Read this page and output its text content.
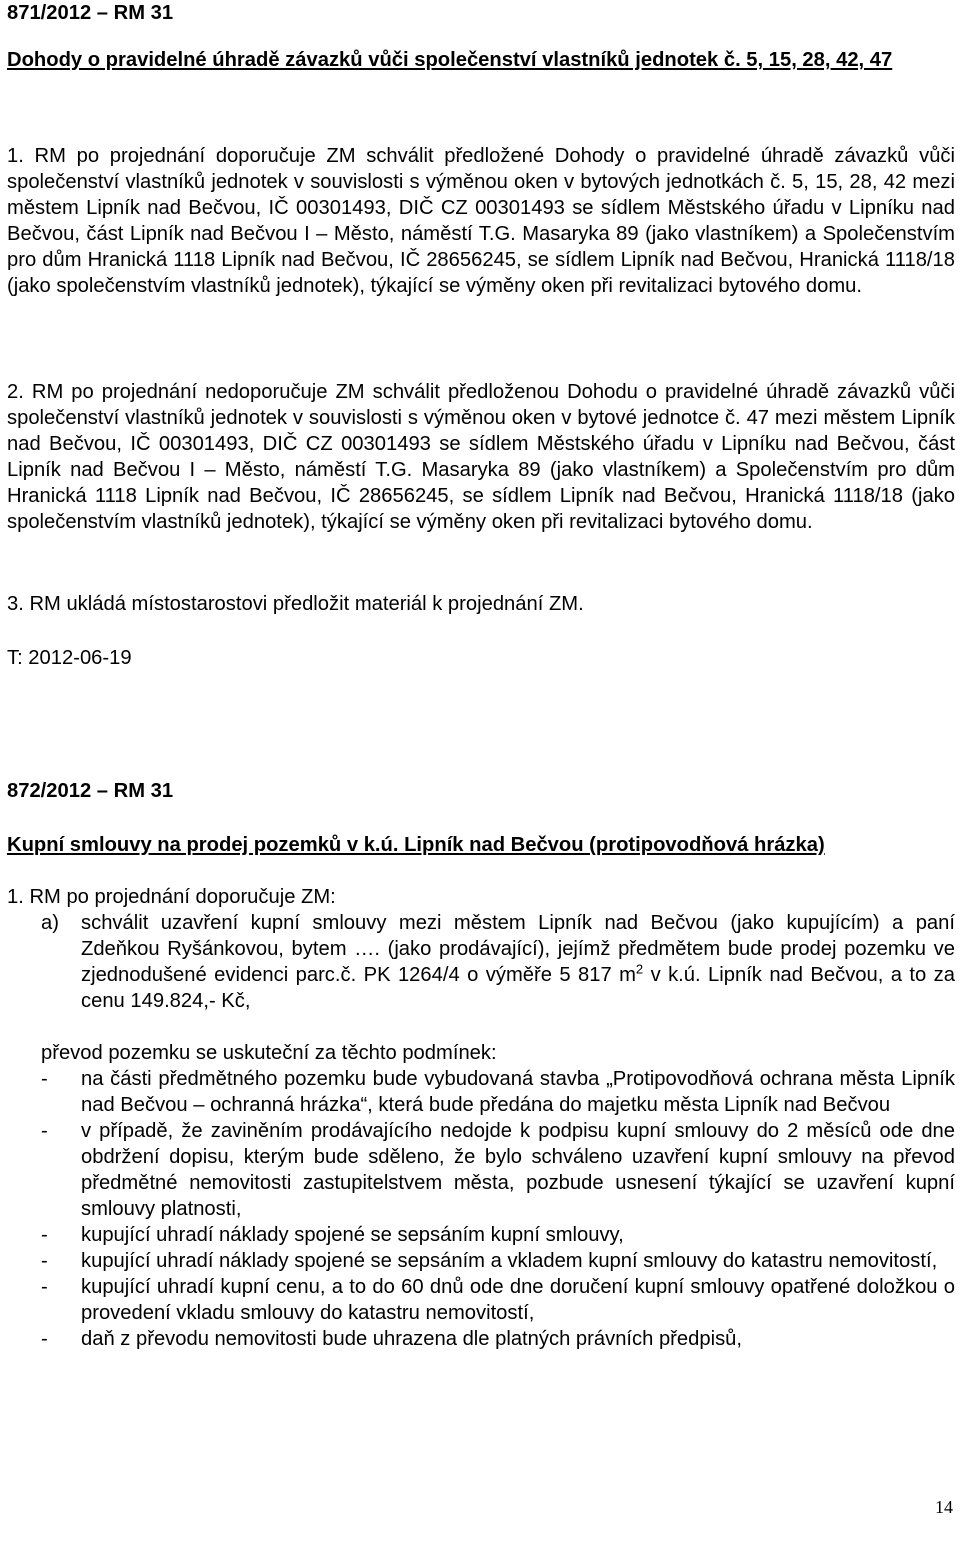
871/2012 – RM 31
Dohody o pravidelné úhradě závazků vůči společenství vlastníků jednotek č. 5, 15, 28, 42, 47
1. RM po projednání doporučuje ZM schválit předložené Dohody o pravidelné úhradě závazků vůči společenství vlastníků jednotek v souvislosti s výměnou oken v bytových jednotkách č. 5, 15, 28, 42 mezi městem Lipník nad Bečvou, IČ 00301493, DIČ CZ 00301493 se sídlem Městského úřadu v Lipníku nad Bečvou, část Lipník nad Bečvou I – Město, náměstí T.G. Masaryka 89 (jako vlastníkem) a Společenstvím pro dům Hranická 1118 Lipník nad Bečvou, IČ 28656245, se sídlem Lipník nad Bečvou, Hranická 1118/18 (jako společenstvím vlastníků jednotek), týkající se výměny oken při revitalizaci bytového domu.
2. RM po projednání nedoporučuje ZM schválit předloženou Dohodu o pravidelné úhradě závazků vůči společenství vlastníků jednotek v souvislosti s výměnou oken v bytové jednotce č. 47 mezi městem Lipník nad Bečvou, IČ 00301493, DIČ CZ 00301493 se sídlem Městského úřadu v Lipníku nad Bečvou, část Lipník nad Bečvou I – Město, náměstí T.G. Masaryka 89 (jako vlastníkem) a Společenstvím pro dům Hranická 1118 Lipník nad Bečvou, IČ 28656245, se sídlem Lipník nad Bečvou, Hranická 1118/18 (jako společenstvím vlastníků jednotek), týkající se výměny oken při revitalizaci bytového domu.
3. RM ukládá místostarostovi předložit materiál k projednání ZM.
T: 2012-06-19
872/2012 – RM 31
Kupní smlouvy na prodej pozemků v k.ú. Lipník nad Bečvou (protipovodňová hrázka)
1. RM po projednání doporučuje ZM:
a)	schválit uzavření kupní smlouvy mezi městem Lipník nad Bečvou (jako kupujícím) a paní Zdeňkou Ryšánkovou, bytem …. (jako prodávající), jejímž předmětem bude prodej pozemku ve zjednodušené evidenci parc.č. PK 1264/4 o výměře 5 817 $m^2$ v k.ú. Lipník nad Bečvou, a to za cenu 149.824,- Kč,
převod pozemku se uskuteční za těchto podmínek:
-	na části předmětného pozemku bude vybudovaná stavba „Protipovodňová ochrana města Lipník nad Bečvou – ochranná hrázka“, která bude předána do majetku města Lipník nad Bečvou
-	v případě, že zaviněním prodávajícího nedojde k podpisu kupní smlouvy do 2 měsíců ode dne obdržení dopisu, kterým bude sděleno, že bylo schváleno uzavření kupní smlouvy na převod předmětné nemovitosti zastupitelstvem města, pozbude usnesení týkající se uzavření kupní smlouvy platnosti,
-	kupující uhradí náklady spojené se sepsáním kupní smlouvy,
-	kupující uhradí náklady spojené se sepsáním a vkladem kupní smlouvy do katastru nemovitostí,
-	kupující uhradí kupní cenu, a to do 60 dnů ode dne doručení kupní smlouvy opatřené doložkou o provedení vkladu smlouvy do katastru nemovitostí,
-	daň z převodu nemovitosti bude uhrazena dle platných právních předpisů,
14
